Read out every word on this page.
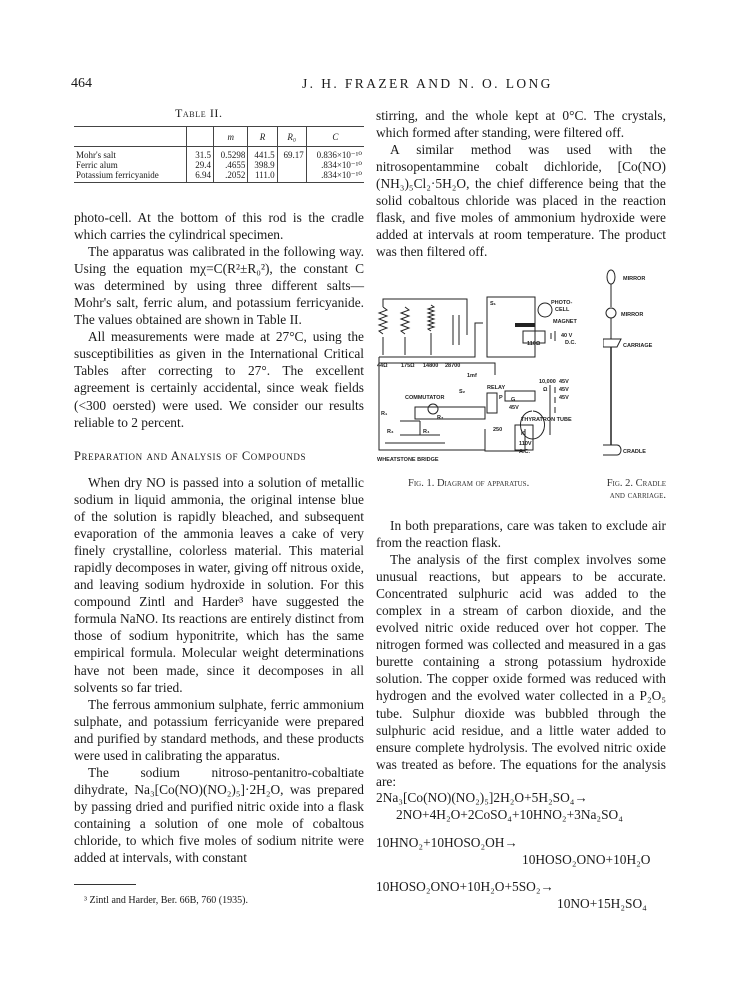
464	J. H. FRAZER AND N. O. LONG
Table II.
		m	R	R₀	C
Mohr's salt	31.5	0.5298	441.5	69.17	0.836×10⁻¹⁰
Ferric alum	29.4	.4655	398.9		.834×10⁻¹⁰
Potassium ferricyanide	6.94	.2052	111.0		.834×10⁻¹⁰

photo-cell. At the bottom of this rod is the cradle which carries the cylindrical specimen.

The apparatus was calibrated in the following way. Using the equation mχ=C(R²±R₀²), the constant C was determined by using three different salts—Mohr's salt, ferric alum, and potassium ferricyanide. The values obtained are shown in Table II.

All measurements were made at 27°C, using the susceptibilities as given in the International Critical Tables after correcting to 27°. The excellent agreement is certainly accidental, since weak fields (<300 oersted) were used. We consider our results reliable to 2 percent.

Preparation and Analysis of Compounds

When dry NO is passed into a solution of metallic sodium in liquid ammonia, the original intense blue of the solution is rapidly bleached, and subsequent evaporation of the ammonia leaves a cake of very finely crystalline, colorless material. This material rapidly decomposes in water, giving off nitrous oxide, and leaving sodium hydroxide in solution. For this compound Zintl and Harder³ have suggested the formula NaNO. Its reactions are entirely distinct from those of sodium hyponitrite, which has the same empirical formula. Molecular weight determinations have not been made, since it decomposes in all solvents so far tried.

The ferrous ammonium sulphate, ferric ammonium sulphate, and potassium ferricyanide were prepared and purified by standard methods, and these products were used in calibrating the apparatus.

The sodium nitroso-pentanitro-cobaltiate dihydrate, Na₃[Co(NO)(NO₂)₅]·2H₂O, was prepared by passing dried and purified nitric oxide into a flask containing a solution of one mole of cobaltous chloride, to which five moles of sodium nitrite were added at intervals, with constant

³ Zintl and Harder, Ber. 66B, 760 (1935).

stirring, and the whole kept at 0°C. The crystals, which formed after standing, were filtered off.

A similar method was used with the nitrosopentammine cobalt dichloride, [Co(NO)(NH₃)₅Cl₂·5H₂O, the chief difference being that the solid cobaltous chloride was placed in the reaction flask, and five moles of ammonium hydroxide were added at intervals at room temperature. The product was then filtered off.

S₁	PHOTO-
CELL
MAGNET
110Ω
40 V
D.C.
44Ω 175Ω 14800 28700
1mf
S₂
COMMUTATOR
RELAY
P G
10,000
Ω
45V
45V
45V
45V
THYRATRON TUBE
250
K
110V
A.C.
R₁
R₂
R₃	R₄
WHEATSTONE BRIDGE
MIRROR
MIRROR
CARRIAGE
CRADLE
Fig. 1. Diagram of apparatus.	Fig. 2. Cradle
and carriage.

In both preparations, care was taken to exclude air from the reaction flask.

The analysis of the first complex involves some unusual reactions, but appears to be accurate. Concentrated sulphuric acid was added to the complex in a stream of carbon dioxide, and the evolved nitric oxide reduced over hot copper. The nitrogen formed was collected and measured in a gas burette containing a strong potassium hydroxide solution. The copper oxide formed was reduced with hydrogen and the evolved water collected in a P₂O₅ tube. Sulphur dioxide was bubbled through the sulphuric acid residue, and a little water added to ensure complete hydrolysis. The evolved nitric oxide was treated as before. The equations for the analysis are:

2Na₃[Co(NO)(NO₂)₅]2H₂O+5H₂SO₄→
2NO+4H₂O+2CoSO₄+10HNO₂+3Na₂SO₄
10HNO₂+10HOSO₂OH→
10HOSO₂ONO+10H₂O
10HOSO₂ONO+10H₂O+5SO₂→
10NO+15H₂SO₄
